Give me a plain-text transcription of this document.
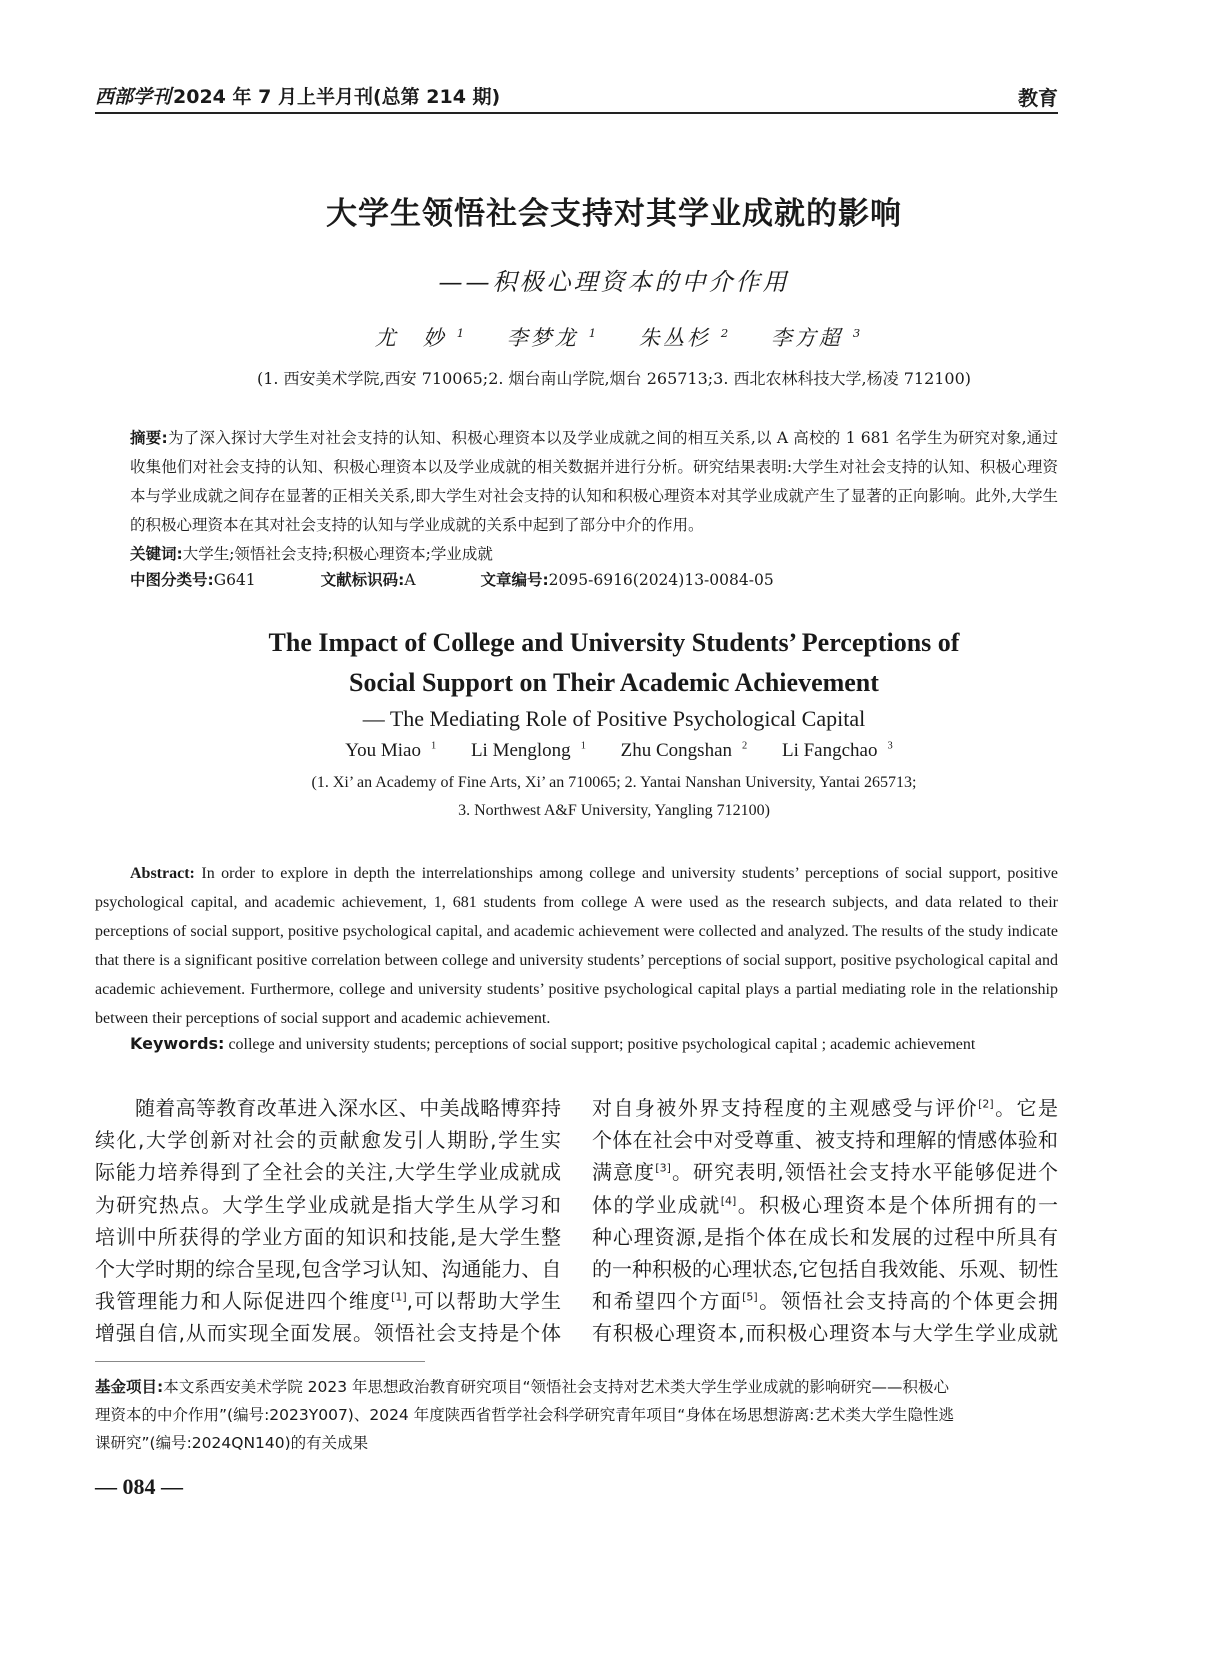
西部学刊 2024 年 7 月上半月刊(总第 214 期)	教育
大学生领悟社会支持对其学业成就的影响
——积极心理资本的中介作用
尤　妙 $^1$ 李梦龙 $^1$ 朱丛杉 $^2$ 李方超 $^3$
(1. 西安美术学院,西安 710065;2. 烟台南山学院,烟台 265713;3. 西北农林科技大学,杨凌 712100)
摘要:为了深入探讨大学生对社会支持的认知、积极心理资本以及学业成就之间的相互关系,以 A 高校的 1 681 名学生为研究对象,通过收集他们对社会支持的认知、积极心理资本以及学业成就的相关数据并进行分析。研究结果表明:大学生对社会支持的认知、积极心理资本与学业成就之间存在显著的正相关关系,即大学生对社会支持的认知和积极心理资本对其学业成就产生了显著的正向影响。此外,大学生的积极心理资本在其对社会支持的认知与学业成就的关系中起到了部分中介的作用。
关键词:大学生;领悟社会支持;积极心理资本;学业成就
中图分类号:G641	文献标识码:A	文章编号:2095-6916(2024)13-0084-05
The Impact of College and University Students’ Perceptions of
Social Support on Their Academic Achievement
— The Mediating Role of Positive Psychological Capital
You Miao $^1$ Li Menglong $^1$ Zhu Congshan $^2$ Li Fangchao $^3$
(1. Xi’ an Academy of Fine Arts, Xi’ an 710065; 2. Yantai Nanshan University, Yantai 265713;
3. Northwest A&F University, Yangling 712100)
Abstract: In order to explore in depth the interrelationships among college and university students’ perceptions of social support, positive psychological capital, and academic achievement, 1, 681 students from college A were used as the research subjects, and data related to their perceptions of social support, positive psychological capital, and academic achievement were collected and analyzed. The results of the study indicate that there is a significant positive correlation between college and university students’ perceptions of social support, positive psychological capital and academic achievement. Furthermore, college and university students’ positive psychological capital plays a partial mediating role in the relationship between their perceptions of social support and academic achievement.
Keywords: college and university students; perceptions of social support; positive psychological capital ; academic achievement
随着高等教育改革进入深水区、中美战略博弈持
续化,大学创新对社会的贡献愈发引人期盼,学生实
际能力培养得到了全社会的关注,大学生学业成就成
为研究热点。大学生学业成就是指大学生从学习和
培训中所获得的学业方面的知识和技能,是大学生整
个大学时期的综合呈现,包含学习认知、沟通能力、自
我管理能力和人际促进四个维度[1],可以帮助大学生
增强自信,从而实现全面发展。领悟社会支持是个体
对自身被外界支持程度的主观感受与评价[2]。它是
个体在社会中对受尊重、被支持和理解的情感体验和
满意度[3]。研究表明,领悟社会支持水平能够促进个
体的学业成就[4]。积极心理资本是个体所拥有的一
种心理资源,是指个体在成长和发展的过程中所具有
的一种积极的心理状态,它包括自我效能、乐观、韧性
和希望四个方面[5]。领悟社会支持高的个体更会拥
有积极心理资本,而积极心理资本与大学生学业成就
基金项目:本文系西安美术学院 2023 年思想政治教育研究项目“领悟社会支持对艺术类大学生学业成就的影响研究——积极心
理资本的中介作用”(编号:2023Y007)、2024 年度陕西省哲学社会科学研究青年项目“身体在场思想游离:艺术类大学生隐性逃
课研究”(编号:2024QN140)的有关成果
— 084 —
